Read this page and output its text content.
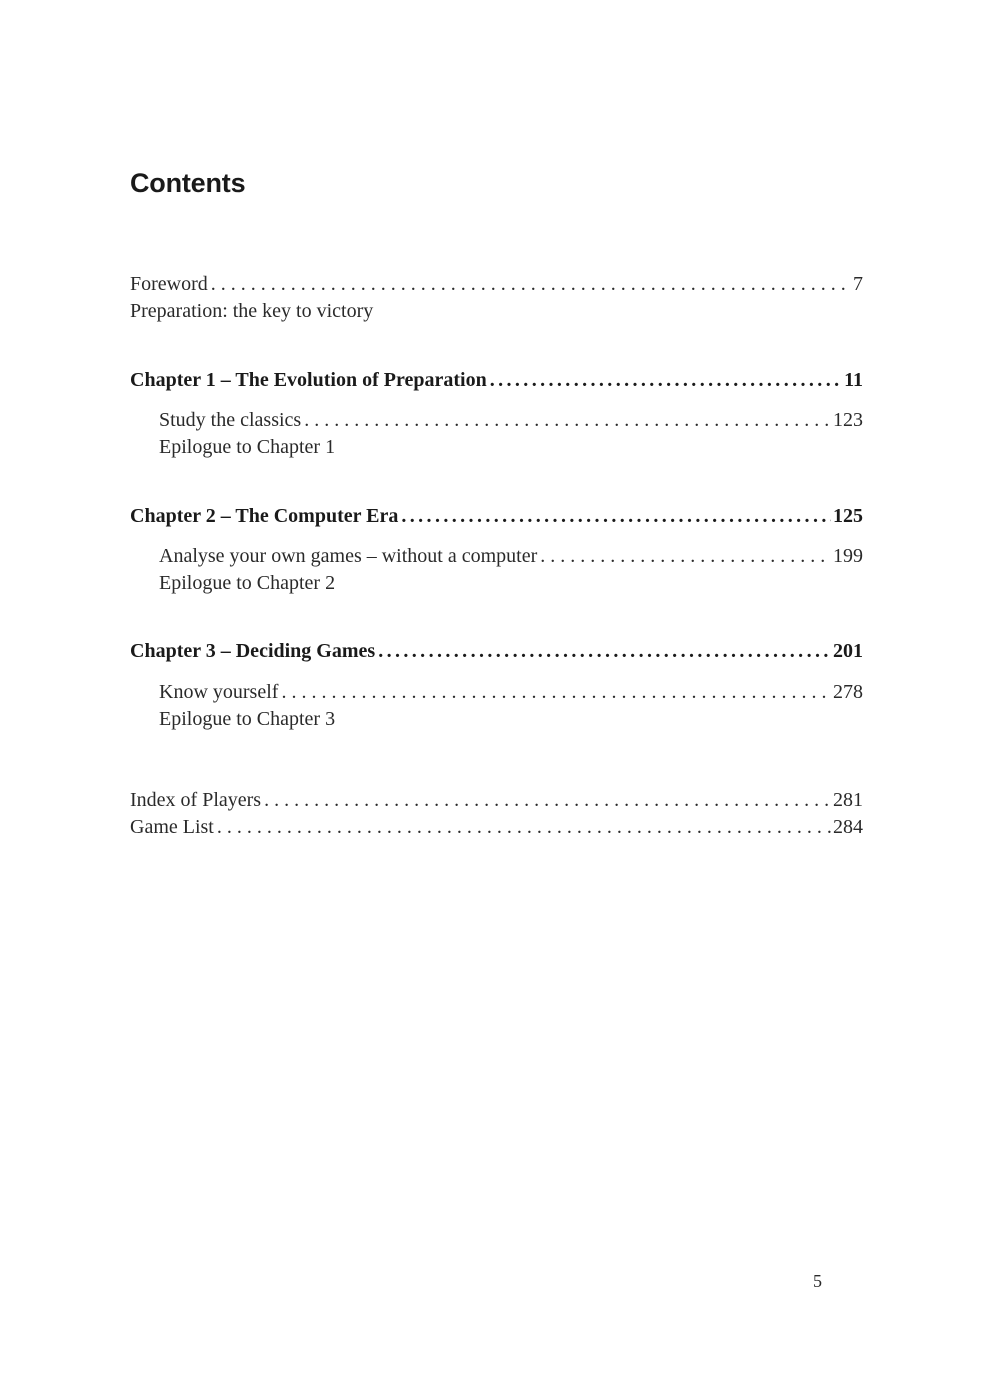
Contents
Foreword . . .	7
Preparation: the key to victory
Chapter 1 – The Evolution of Preparation .....	11
Study the classics . . .	123
Epilogue to Chapter 1
Chapter 2 – The Computer Era .....	125
Analyse your own games – without a computer . . .	199
Epilogue to Chapter 2
Chapter 3 – Deciding Games .....	201
Know yourself . . .	278
Epilogue to Chapter 3
Index of Players . . .	281
Game List . . .	284
5
